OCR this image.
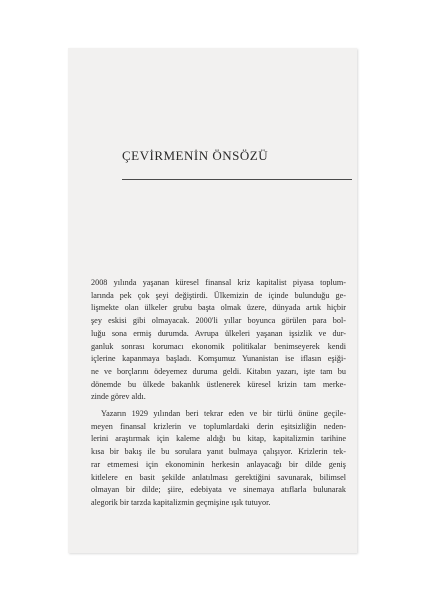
ÇEVİRMENİN ÖNSÖZÜ
2008 yılında yaşanan küresel finansal kriz kapitalist piyasa toplum-
larında pek çok şeyi değiştirdi. Ülkemizin de içinde bulunduğu ge-
lişmekte olan ülkeler grubu başta olmak üzere, dünyada artık hiçbir
şey eskisi gibi olmayacak. 2000'li yıllar boyunca görülen para bol-
luğu sona ermiş durumda. Avrupa ülkeleri yaşanan işsizlik ve dur-
ganluk sonrası korumacı ekonomik politikalar benimseyerek kendi
içlerine kapanmaya başladı. Komşumuz Yunanistan ise iflasın eşiği-
ne ve borçlarını ödeyemez duruma geldi. Kitabın yazarı, işte tam bu
dönemde bu ülkede bakanlık üstlenerek küresel krizin tam merke-
zinde görev aldı.
Yazarın 1929 yılından beri tekrar eden ve bir türlü önüne geçile-
meyen finansal krizlerin ve toplumlardaki derin eşitsizliğin neden-
lerini araştırmak için kaleme aldığı bu kitap, kapitalizmin tarihine
kısa bir bakış ile bu sorulara yanıt bulmaya çalışıyor. Krizlerin tek-
rar etmemesi için ekonominin herkesin anlayacağı bir dilde geniş
kitlelere en basit şekilde anlatılması gerektiğini savunarak, bilimsel
olmayan bir dilde; şiire, edebiyata ve sinemaya atıflarla bulunarak
alegorik bir tarzda kapitalizmin geçmişine ışık tutuyor.
